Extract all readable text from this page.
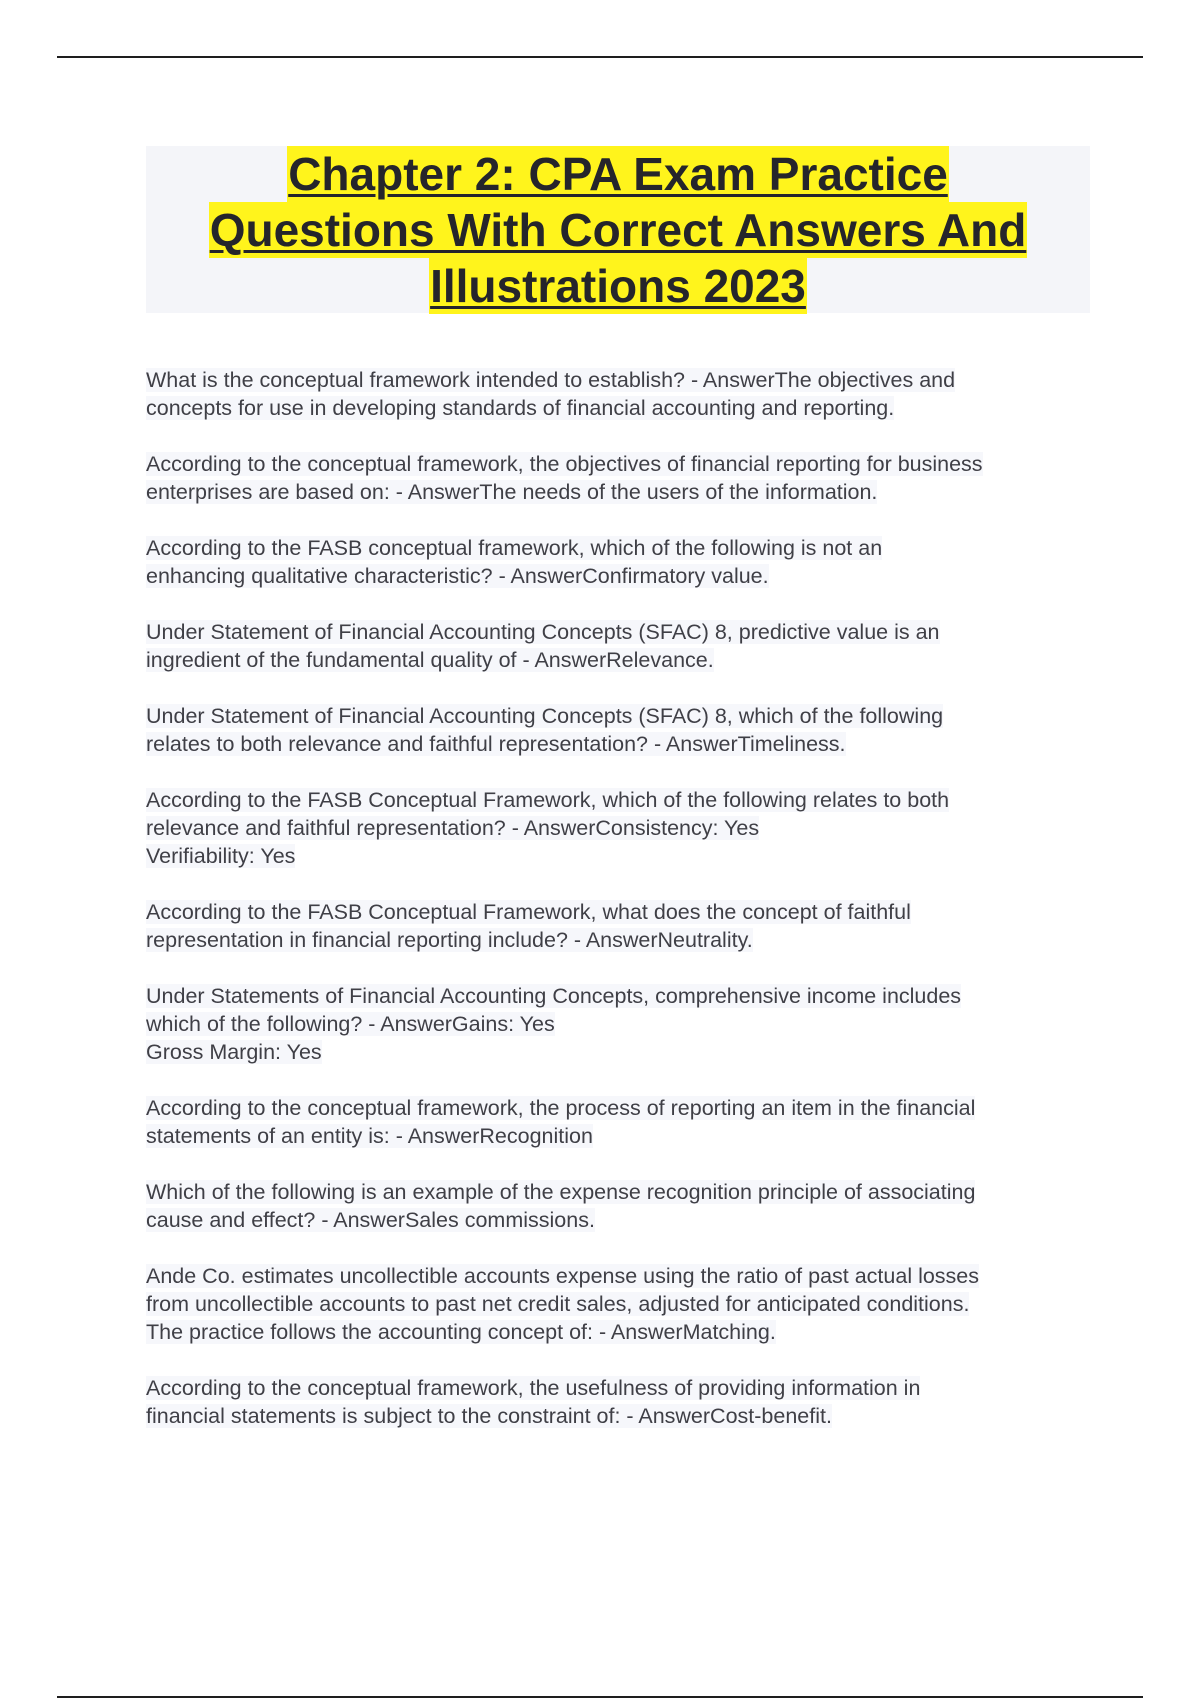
Chapter 2: CPA Exam Practice
Questions With Correct Answers And
Illustrations 2023
What is the conceptual framework intended to establish? - AnswerThe objectives and
concepts for use in developing standards of financial accounting and reporting.
According to the conceptual framework, the objectives of financial reporting for business
enterprises are based on: - AnswerThe needs of the users of the information.
According to the FASB conceptual framework, which of the following is not an
enhancing qualitative characteristic? - AnswerConfirmatory value.
Under Statement of Financial Accounting Concepts (SFAC) 8, predictive value is an
ingredient of the fundamental quality of - AnswerRelevance.
Under Statement of Financial Accounting Concepts (SFAC) 8, which of the following
relates to both relevance and faithful representation? - AnswerTimeliness.
According to the FASB Conceptual Framework, which of the following relates to both
relevance and faithful representation? - AnswerConsistency: Yes
Verifiability: Yes
According to the FASB Conceptual Framework, what does the concept of faithful
representation in financial reporting include? - AnswerNeutrality.
Under Statements of Financial Accounting Concepts, comprehensive income includes
which of the following? - AnswerGains: Yes
Gross Margin: Yes
According to the conceptual framework, the process of reporting an item in the financial
statements of an entity is: - AnswerRecognition
Which of the following is an example of the expense recognition principle of associating
cause and effect? - AnswerSales commissions.
Ande Co. estimates uncollectible accounts expense using the ratio of past actual losses
from uncollectible accounts to past net credit sales, adjusted for anticipated conditions.
The practice follows the accounting concept of: - AnswerMatching.
According to the conceptual framework, the usefulness of providing information in
financial statements is subject to the constraint of: - AnswerCost-benefit.
